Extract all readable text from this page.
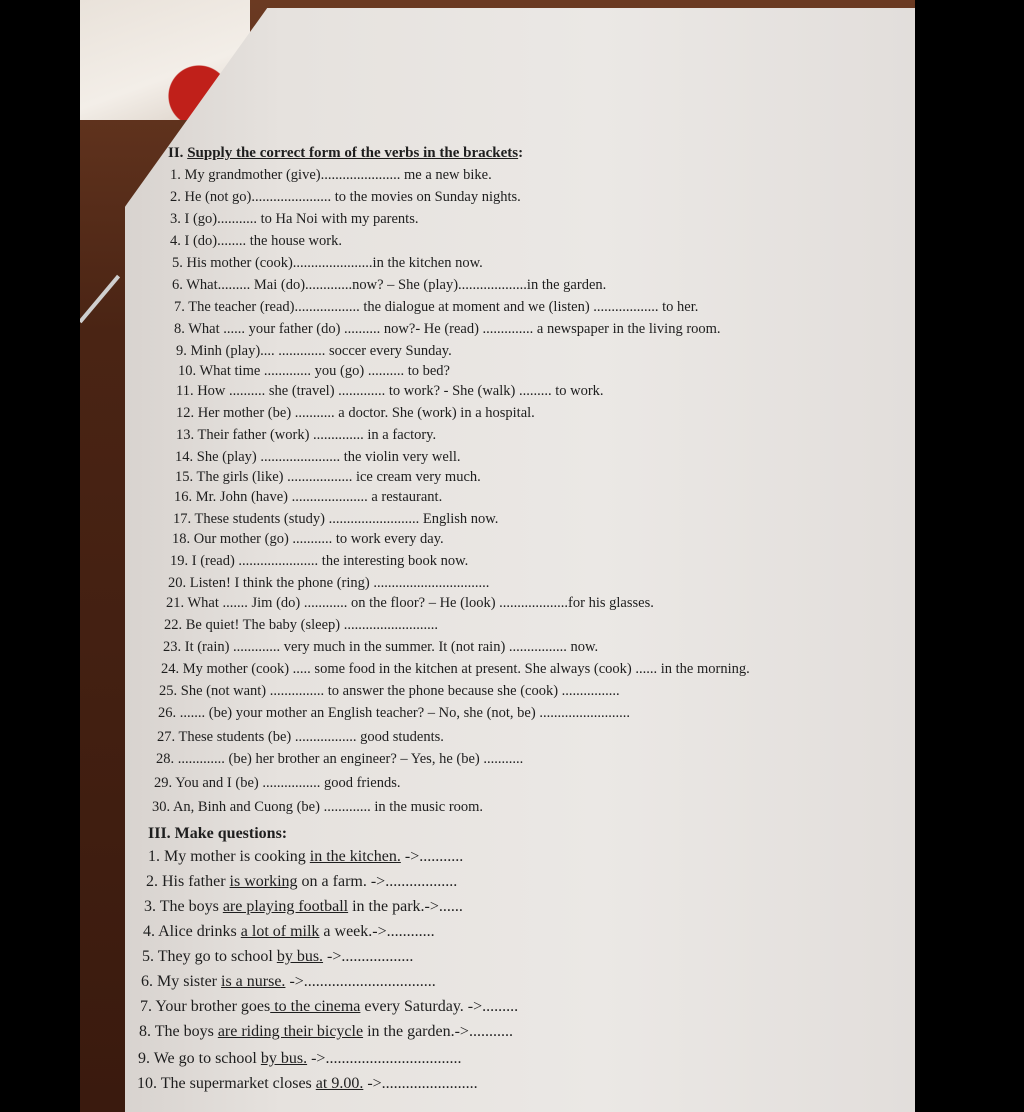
II. Supply the correct form of the verbs in the brackets:
1. My grandmother (give)...................... me a new bike.
2. He (not go)...................... to the movies on Sunday nights.
3. I (go)........... to Ha Noi with my parents.
4. I (do)........ the house work.
5. His mother (cook)......................in the kitchen now.
6. What......... Mai (do).............now? – She (play)...................in the garden.
7. The teacher (read).................. the dialogue at moment and we (listen) .................. to her.
8. What ...... your father (do) .......... now?- He (read) .............. a newspaper in the living room.
9. Minh (play).... ............. soccer every Sunday.
10. What time ............. you (go) .......... to bed?
11. How .......... she (travel) ............. to work? - She (walk) ......... to work.
12. Her mother (be) ........... a doctor. She (work) in a hospital.
13. Their father (work) .............. in a factory.
14. She (play) ...................... the violin very well.
15. The girls (like) .................. ice cream very much.
16. Mr. John (have) ..................... a restaurant.
17. These students (study) ......................... English now.
18. Our mother (go) ........... to work every day.
19. I (read) ...................... the interesting book now.
20. Listen! I think the phone (ring) ................................
21. What ....... Jim (do) ............ on the floor? – He (look) ...................for his glasses.
22. Be quiet! The baby (sleep) ..........................
23. It (rain) ............. very much in the summer. It (not rain) ................ now.
24. My mother (cook) ..... some food in the kitchen at present. She always (cook) ...... in the morning.
25. She (not want) ............... to answer the phone because she (cook) ................
26. ....... (be) your mother an English teacher? – No, she (not, be) .........................
27. These students (be) ................. good students.
28. ............. (be) her brother an engineer? – Yes, he (be) ...........
29. You and I (be) ................ good friends.
30. An, Binh and Cuong (be) ............. in the music room.
III. Make questions:
1. My mother is cooking in the kitchen. ->...........
2. His father is working on a farm. ->..................
3. The boys are playing football in the park.->......
4. Alice drinks a lot of milk a week.->............
5. They go to school by bus. ->..................
6. My sister is a nurse. ->.................................
7. Your brother goes to the cinema every Saturday. ->.........
8. The boys are riding their bicycle in the garden.->...........
9. We go to school by bus. ->..................................
10. The supermarket closes at 9.00. ->........................
